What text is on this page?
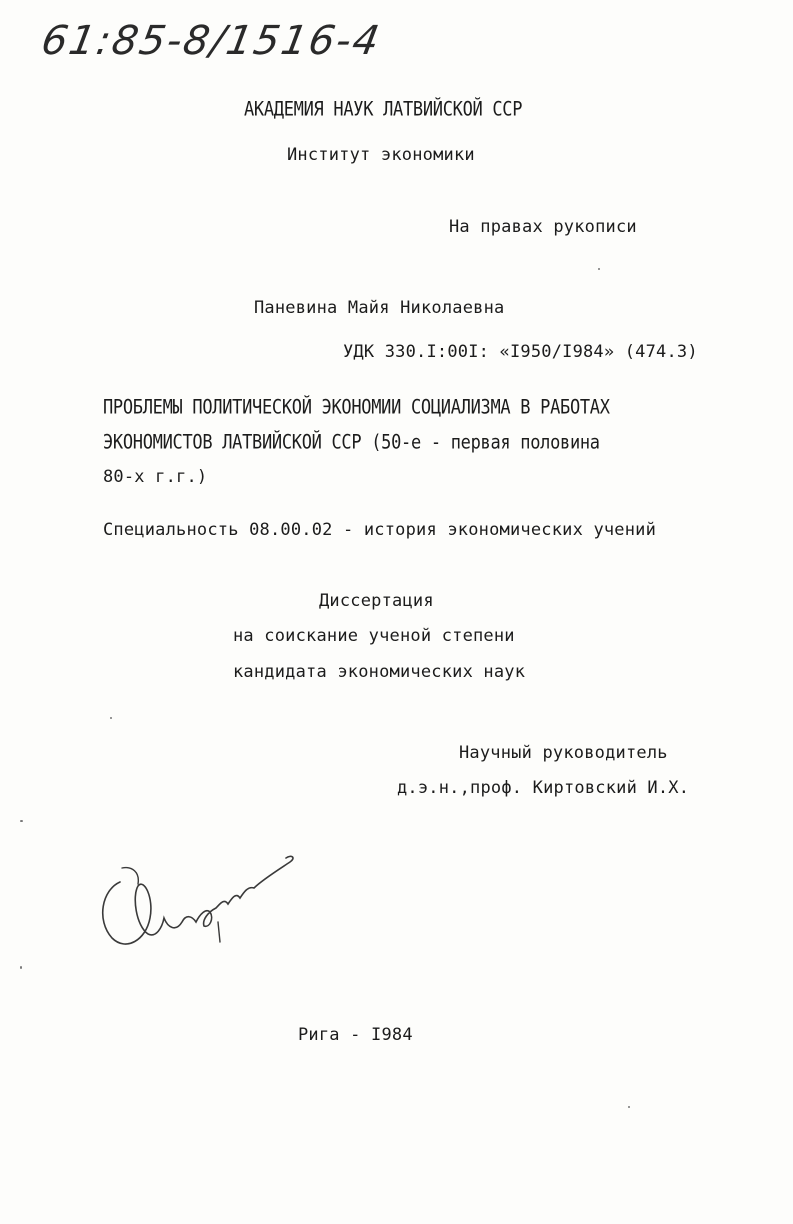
61:85-8/1516-4
АКАДЕМИЯ НАУК ЛАТВИЙСКОЙ ССР
Институт экономики
На правах рукописи
Паневина Майя Николаевна
УДК 330.I:00I: «I950/I984» (474.3)
ПРОБЛЕМЫ ПОЛИТИЧЕСКОЙ ЭКОНОМИИ СОЦИАЛИЗМА В РАБОТАХ
ЭКОНОМИСТОВ ЛАТВИЙСКОЙ ССР (50-е - первая половина
80-х г.г.)
Специальность 08.00.02 - история экономических учений
Диссертация
на соискание ученой степени
кандидата экономических наук
Научный руководитель
д.э.н.,проф. Киртовский И.Х.
Рига - I984
